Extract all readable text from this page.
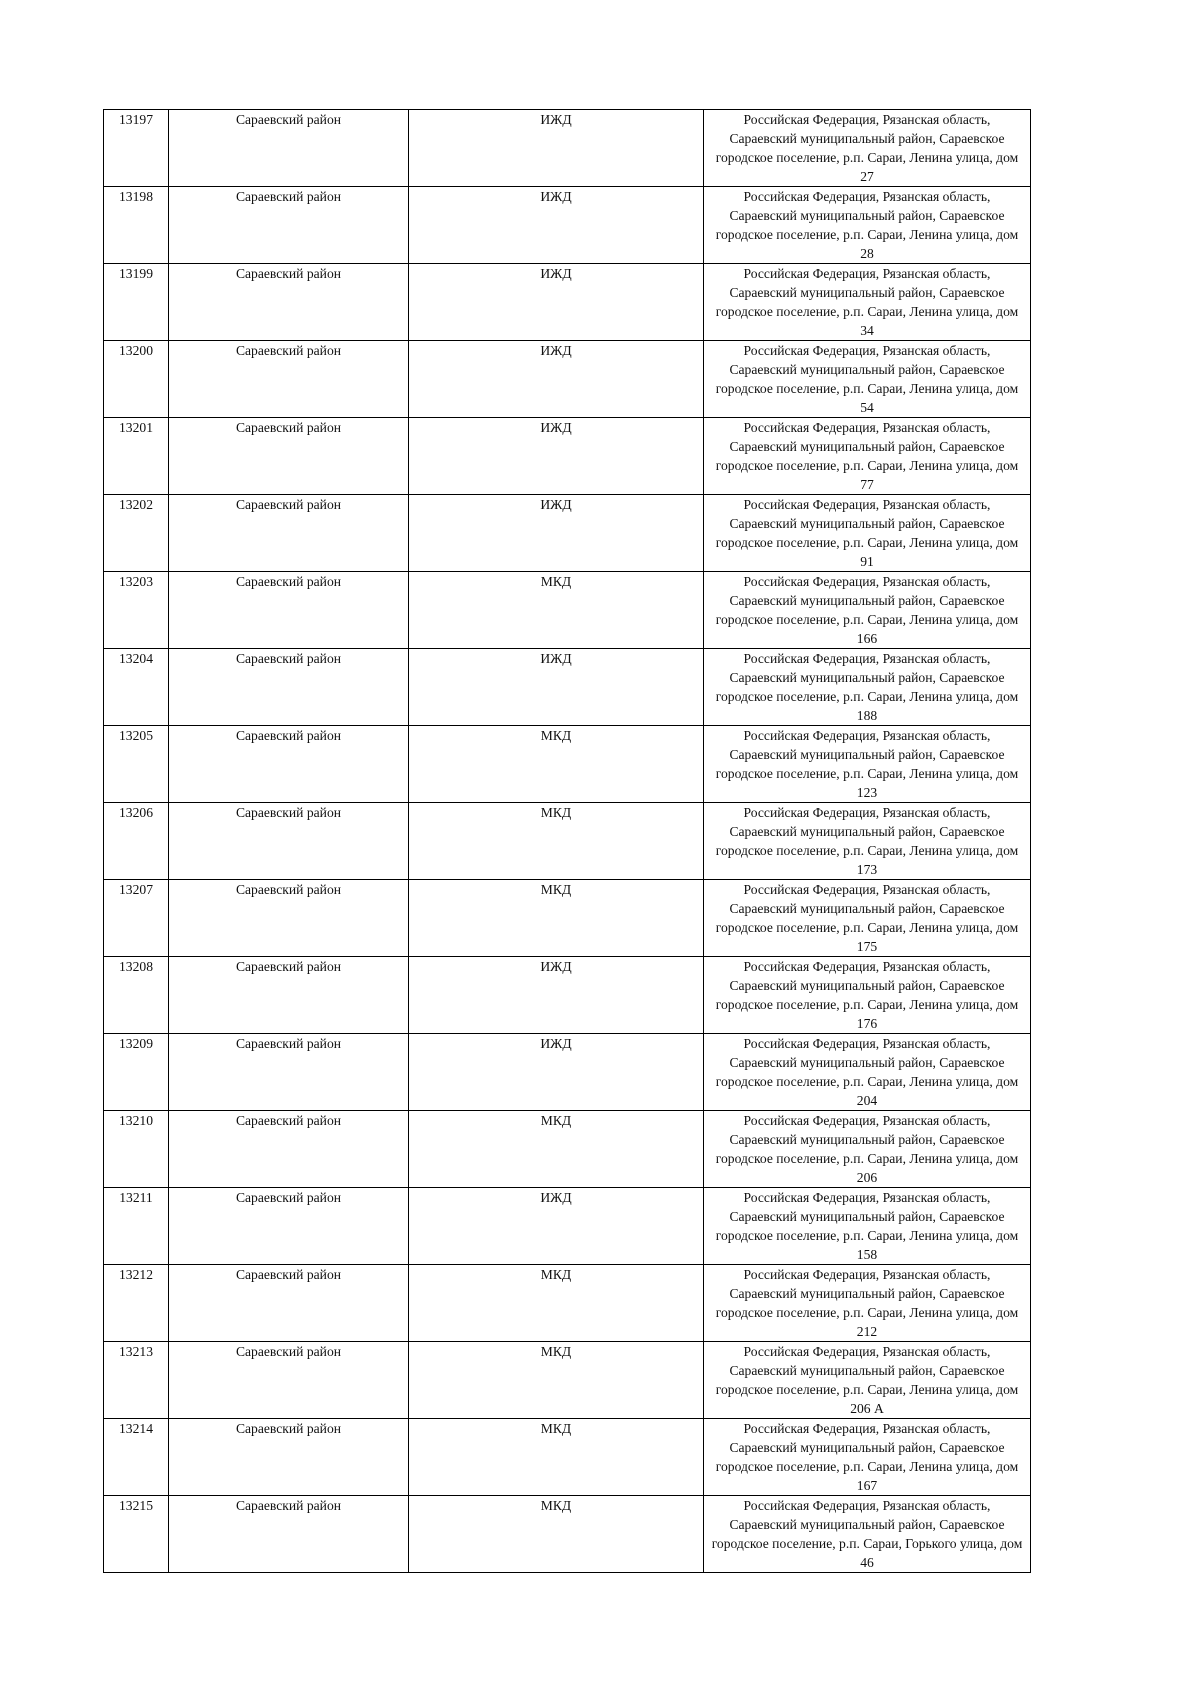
13197	Сараевский район	ИЖД	Российская Федерация, Рязанская область, Сараевский муниципальный район, Сараевское городское поселение, р.п. Сараи, Ленина улица, дом 27
13198	Сараевский район	ИЖД	Российская Федерация, Рязанская область, Сараевский муниципальный район, Сараевское городское поселение, р.п. Сараи, Ленина улица, дом 28
13199	Сараевский район	ИЖД	Российская Федерация, Рязанская область, Сараевский муниципальный район, Сараевское городское поселение, р.п. Сараи, Ленина улица, дом 34
13200	Сараевский район	ИЖД	Российская Федерация, Рязанская область, Сараевский муниципальный район, Сараевское городское поселение, р.п. Сараи, Ленина улица, дом 54
13201	Сараевский район	ИЖД	Российская Федерация, Рязанская область, Сараевский муниципальный район, Сараевское городское поселение, р.п. Сараи, Ленина улица, дом 77
13202	Сараевский район	ИЖД	Российская Федерация, Рязанская область, Сараевский муниципальный район, Сараевское городское поселение, р.п. Сараи, Ленина улица, дом 91
13203	Сараевский район	МКД	Российская Федерация, Рязанская область, Сараевский муниципальный район, Сараевское городское поселение, р.п. Сараи, Ленина улица, дом 166
13204	Сараевский район	ИЖД	Российская Федерация, Рязанская область, Сараевский муниципальный район, Сараевское городское поселение, р.п. Сараи, Ленина улица, дом 188
13205	Сараевский район	МКД	Российская Федерация, Рязанская область, Сараевский муниципальный район, Сараевское городское поселение, р.п. Сараи, Ленина улица, дом 123
13206	Сараевский район	МКД	Российская Федерация, Рязанская область, Сараевский муниципальный район, Сараевское городское поселение, р.п. Сараи, Ленина улица, дом 173
13207	Сараевский район	МКД	Российская Федерация, Рязанская область, Сараевский муниципальный район, Сараевское городское поселение, р.п. Сараи, Ленина улица, дом 175
13208	Сараевский район	ИЖД	Российская Федерация, Рязанская область, Сараевский муниципальный район, Сараевское городское поселение, р.п. Сараи, Ленина улица, дом 176
13209	Сараевский район	ИЖД	Российская Федерация, Рязанская область, Сараевский муниципальный район, Сараевское городское поселение, р.п. Сараи, Ленина улица, дом 204
13210	Сараевский район	МКД	Российская Федерация, Рязанская область, Сараевский муниципальный район, Сараевское городское поселение, р.п. Сараи, Ленина улица, дом 206
13211	Сараевский район	ИЖД	Российская Федерация, Рязанская область, Сараевский муниципальный район, Сараевское городское поселение, р.п. Сараи, Ленина улица, дом 158
13212	Сараевский район	МКД	Российская Федерация, Рязанская область, Сараевский муниципальный район, Сараевское городское поселение, р.п. Сараи, Ленина улица, дом 212
13213	Сараевский район	МКД	Российская Федерация, Рязанская область, Сараевский муниципальный район, Сараевское городское поселение, р.п. Сараи, Ленина улица, дом 206 А
13214	Сараевский район	МКД	Российская Федерация, Рязанская область, Сараевский муниципальный район, Сараевское городское поселение, р.п. Сараи, Ленина улица, дом 167
13215	Сараевский район	МКД	Российская Федерация, Рязанская область, Сараевский муниципальный район, Сараевское городское поселение, р.п. Сараи, Горького улица, дом 46
